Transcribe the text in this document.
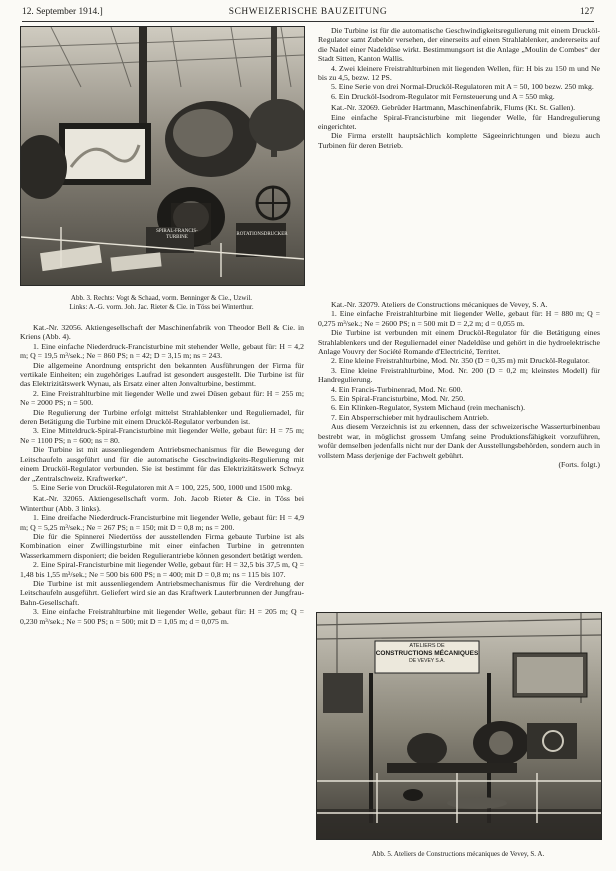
12. September 1914.]	SCHWEIZERISCHE BAUZEITUNG	127
SPIRAL-FRANCIS-TURBINE
ROTATIONSDRUCKER
Abb. 3. Rechts: Vogt & Schaad, vorm. Benninger & Cie., Uzwil.
Links: A.-G. vorm. Joh. Jac. Rieter & Cie. in Töss bei Winterthur.

Kat.-Nr. 32056. Aktiengesellschaft der Maschinenfabrik von Theodor Bell & Cie. in Kriens (Abb. 4).

1. Eine einfache Niederdruck-Francisturbine mit stehender Welle, gebaut für: H = 4,2 m; Q = 19,5 m³/sek.; Ne = 860 PS; n = 42; D = 3,15 m; ns = 243.

Die allgemeine Anordnung entspricht den bekannten Ausführungen der Firma für vertikale Einheiten; ein zugehöriges Laufrad ist gesondert ausgestellt. Die Turbine ist für das Elektrizitätswerk Wynau, als Ersatz einer alten Jonvalturbine, bestimmt.

2. Eine Freistrahlturbine mit liegender Welle und zwei Düsen gebaut für: H = 255 m; Ne = 2000 PS; n = 500.

Die Regulierung der Turbine erfolgt mittelst Strahlablenker und Reguliernadel, für deren Betätigung die Turbine mit einem Drucköl-Regulator verbunden ist.

3. Eine Mitteldruck-Spiral-Francisturbine mit liegender Welle, gebaut für: H = 75 m; Ne = 1100 PS; n = 600; ns = 80.

Die Turbine ist mit aussenliegendem Antriebsmechanismus für die Bewegung der Leitschaufeln ausgeführt und für die automatische Geschwindigkeits-Regulierung mit einem Drucköl-Regulator verbunden. Sie ist bestimmt für das Elektrizitätswerk Schwyz der „Zentralschweiz. Kraftwerke“.

5. Eine Serie von Drucköl-Regulatoren mit A = 100, 225, 500, 1000 und 1500 mkg.

Kat.-Nr. 32065. Aktiengesellschaft vorm. Joh. Jacob Rieter & Cie. in Töss bei Winterthur (Abb. 3 links).

1. Eine dreifache Niederdruck-Francisturbine mit liegender Welle, gebaut für: H = 4,9 m; Q = 5,25 m³/sek.; Ne = 267 PS; n = 150; mit D = 0,8 m; ns = 200.

Die für die Spinnerei Niedertöss der ausstellenden Firma gebaute Turbine ist als Kombination einer Zwillingsturbine mit einer einfachen Turbine in getrennten Wasserkammern disponiert; die beiden Regulierantriebe können gesondert betätigt werden.

2. Eine Spiral-Francisturbine mit liegender Welle, gebaut für: H = 32,5 bis 37,5 m, Q = 1,48 bis 1,55 m³/sek.; Ne = 500 bis 600 PS; n = 400; mit D = 0,8 m; ns = 115 bis 107.

Die Turbine ist mit aussenliegendem Antriebsmechanismus für die Verdrehung der Leitschaufeln ausgeführt. Geliefert wird sie an das Kraftwerk Lauterbrunnen der Jungfrau-Bahn-Gesellschaft.

3. Eine einfache Freistrahlturbine mit liegender Welle, gebaut für: H = 205 m; Q = 0,230 m³/sek.; Ne = 500 PS; n = 500; mit D = 1,05 m; d = 0,075 m.

Die Turbine ist für die automatische Geschwindigkeitsregulierung mit einem Drucköl-Regulator samt Zubehör versehen, der einerseits auf einen Strahlablenker, andererseits auf die Nadel einer Nadeldüse wirkt. Bestimmungsort ist die Anlage „Moulin de Combes“ der Stadt Sitten, Kanton Wallis.

4. Zwei kleinere Freistrahlturbinen mit liegenden Wellen, für: H bis zu 150 m und Ne bis zu 4,5, bezw. 12 PS.

5. Eine Serie von drei Normal-Drucköl-Regulatoren mit A = 50, 100 bezw. 250 mkg.

6. Ein Drucköl-Isodrom-Regulator mit Fernsteuerung und A = 550 mkg.

Kat.-Nr. 32069. Gebrüder Hartmann, Maschinenfabrik, Flums (Kt. St. Gallen).

Eine einfache Spiral-Francisturbine mit liegender Welle, für Handregulierung eingerichtet.

Die Firma erstellt hauptsächlich komplette Sägeeinrichtungen und biezu auch Turbinen für deren Betrieb.

Kat.-Nr. 32079. Ateliers de Constructions mécaniques de Vevey, S. A.

1. Eine einfache Freistrahlturbine mit liegender Welle, gebaut für: H = 880 m; Q = 0,275 m³/sek.; Ne = 2600 PS; n = 500 mit D = 2,2 m; d = 0,055 m.

Die Turbine ist verbunden mit einem Drucköl-Regulator für die Betätigung eines Strahlablenkers und der Reguliernadel einer Nadeldüse und gehört in die hydroelektrische Anlage Vouvry der Société Romande d'Electricité, Territet.

2. Eine kleine Freistrahlturbine, Mod. Nr. 350 (D = 0,35 m) mit Drucköl-Regulator.

3. Eine kleine Freistrahlturbine, Mod. Nr. 200 (D = 0,2 m; kleinstes Modell) für Handregulierung.

4. Ein Francis-Turbinenrad, Mod. Nr. 600.

5. Ein Spiral-Francisturbine, Mod. Nr. 250.

6. Ein Klinken-Regulator, System Michaud (rein mechanisch).

7. Ein Absperrschieber mit hydraulischem Antrieb.

Aus diesem Verzeichnis ist zu erkennen, dass der schweizerische Wasserturbinenbau bestrebt war, in möglichst grossem Umfang seine Produktionsfähigkeit vorzuführen, wofür demselben jedenfalls nicht nur der Dank der Ausstellungsbehörden, sondern auch in vollstem Mass derjenige der Fachwelt gebührt.

(Forts. folgt.)

ATELIERS DE
CONSTRUCTIONS MÉCANIQUES
DE VEVEY S.A.
Abb. 5. Ateliers de Constructions mécaniques de Vevey, S. A.
